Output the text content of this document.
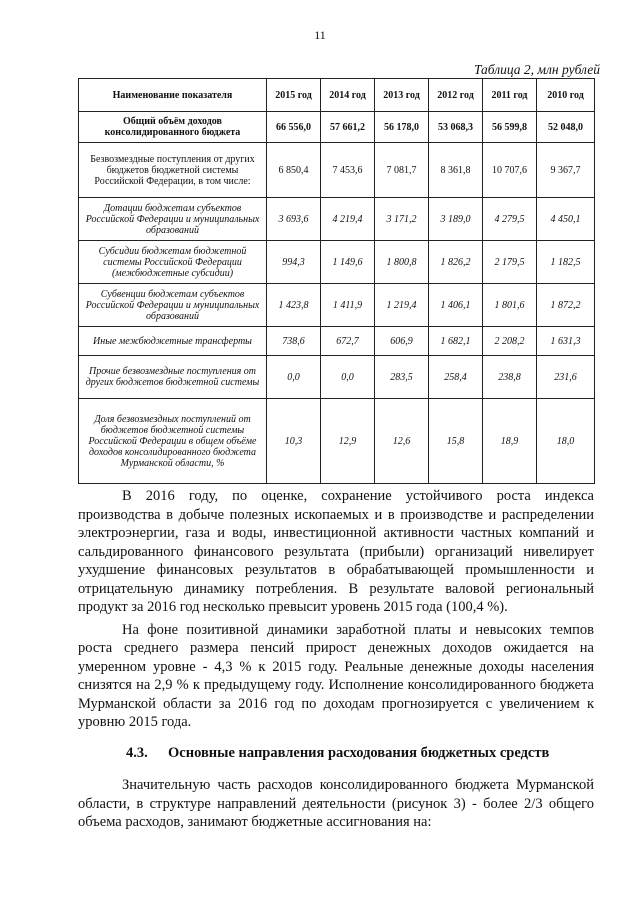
11
Таблица 2, млн рублей
Наименование показателя	2015 год	2014 год	2013 год	2012 год	2011 год	2010 год
Общий объём доходов консолидированного бюджета	66 556,0	57 661,2	56 178,0	53 068,3	56 599,8	52 048,0
Безвозмездные поступления от других бюджетов бюджетной системы Российской Федерации, в том числе:	6 850,4	7 453,6	7 081,7	8 361,8	10 707,6	9 367,7
Дотации бюджетам субъектов Российской Федерации и муниципальных образований	3 693,6	4 219,4	3 171,2	3 189,0	4 279,5	4 450,1
Субсидии бюджетам бюджетной системы Российской Федерации (межбюджетные субсидии)	994,3	1 149,6	1 800,8	1 826,2	2 179,5	1 182,5
Субвенции бюджетам субъектов Российской Федерации и муниципальных образований	1 423,8	1 411,9	1 219,4	1 406,1	1 801,6	1 872,2
Иные межбюджетные трансферты	738,6	672,7	606,9	1 682,1	2 208,2	1 631,3
Прочие безвозмездные поступления от других бюджетов бюджетной системы	0,0	0,0	283,5	258,4	238,8	231,6
Доля безвозмездных поступлений от бюджетов бюджетной системы Российской Федерации в общем объёме доходов консолидированного бюджета Мурманской области, %	10,3	12,9	12,6	15,8	18,9	18,0

В 2016 году, по оценке, сохранение устойчивого роста индекса производства в добыче полезных ископаемых и в производстве и распределении электроэнергии, газа и воды, инвестиционной активности частных компаний и сальдированного финансового результата (прибыли) организаций нивелирует ухудшение финансовых результатов в обрабатывающей промышленности и отрицательную динамику потребления. В результате валовой региональный продукт за 2016 год несколько превысит уровень 2015 года (100,4 %).

На фоне позитивной динамики заработной платы и невысоких темпов роста среднего размера пенсий прирост денежных доходов ожидается на умеренном уровне - 4,3 % к 2015 году. Реальные денежные доходы населения снизятся на 2,9 % к предыдущему году. Исполнение консолидированного бюджета Мурманской области за 2016 год по доходам прогнозируется с увеличением к уровню 2015 года.

4.3. Основные направления расходования бюджетных средств

Значительную часть расходов консолидированного бюджета Мурманской области, в структуре направлений деятельности (рисунок 3) - более 2/3 общего объема расходов, занимают бюджетные ассигнования на:
